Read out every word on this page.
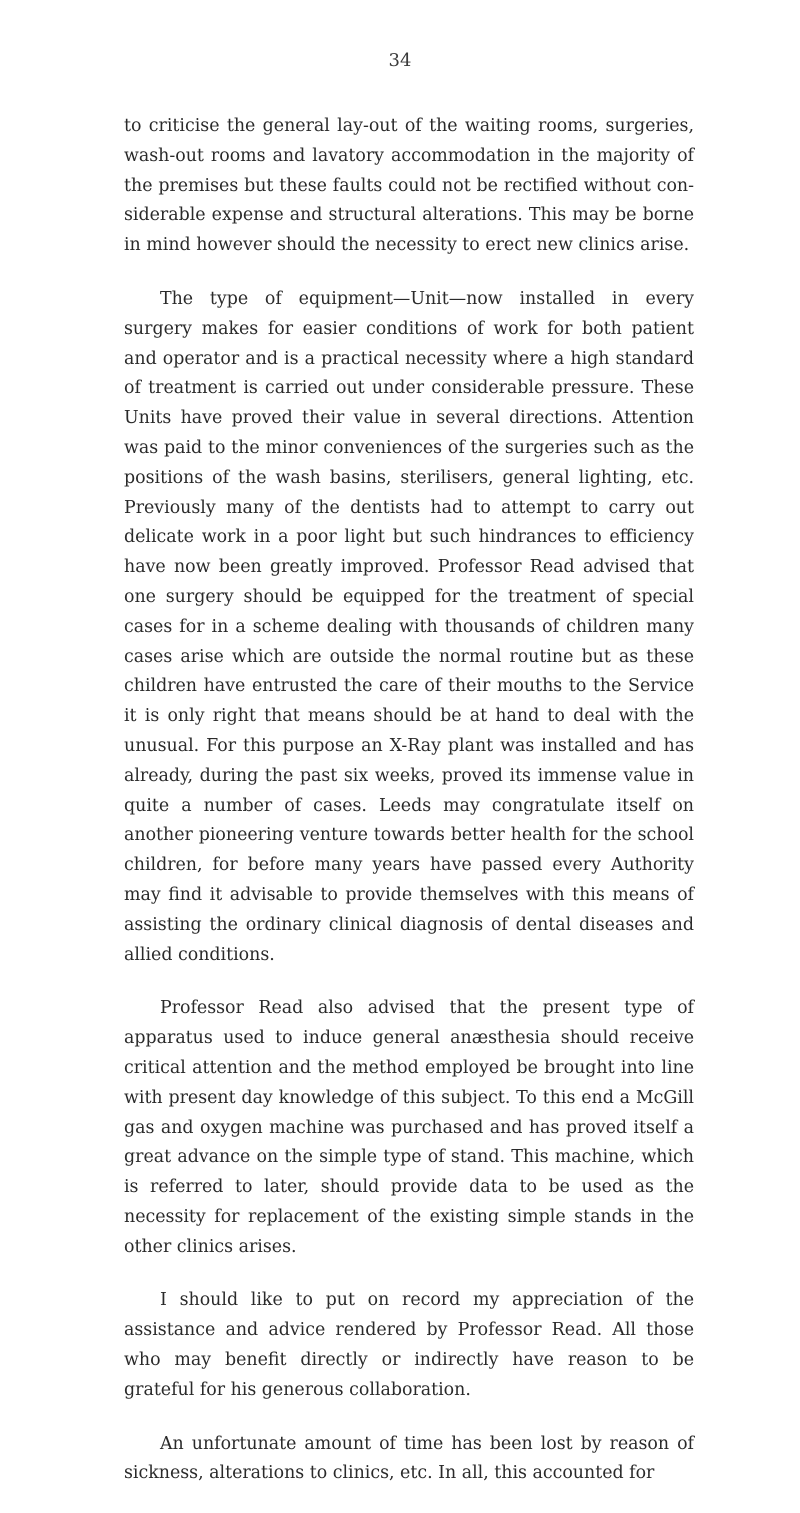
34

to criticise the general lay-out of the waiting rooms, surgeries, wash-out rooms and lavatory accommodation in the majority of the premises but these faults could not be rectified without con-siderable expense and structural alterations. This may be borne in mind however should the necessity to erect new clinics arise.

The type of equipment—Unit—now installed in every surgery makes for easier conditions of work for both patient and operator and is a practical necessity where a high standard of treatment is carried out under considerable pressure. These Units have proved their value in several directions. Attention was paid to the minor conveniences of the surgeries such as the positions of the wash basins, sterilisers, general lighting, etc. Previously many of the dentists had to attempt to carry out delicate work in a poor light but such hindrances to efficiency have now been greatly improved. Professor Read advised that one surgery should be equipped for the treatment of special cases for in a scheme dealing with thousands of children many cases arise which are outside the normal routine but as these children have entrusted the care of their mouths to the Service it is only right that means should be at hand to deal with the unusual. For this purpose an X-Ray plant was installed and has already, during the past six weeks, proved its immense value in quite a number of cases. Leeds may congratulate itself on another pioneering venture towards better health for the school children, for before many years have passed every Authority may find it advisable to provide themselves with this means of assisting the ordinary clinical diagnosis of dental diseases and allied conditions.

Professor Read also advised that the present type of apparatus used to induce general anæsthesia should receive critical attention and the method employed be brought into line with present day knowledge of this subject. To this end a McGill gas and oxygen machine was purchased and has proved itself a great advance on the simple type of stand. This machine, which is referred to later, should provide data to be used as the necessity for replacement of the existing simple stands in the other clinics arises.

I should like to put on record my appreciation of the assistance and advice rendered by Professor Read. All those who may benefit directly or indirectly have reason to be grateful for his generous collaboration.

An unfortunate amount of time has been lost by reason of sickness, alterations to clinics, etc. In all, this accounted for
